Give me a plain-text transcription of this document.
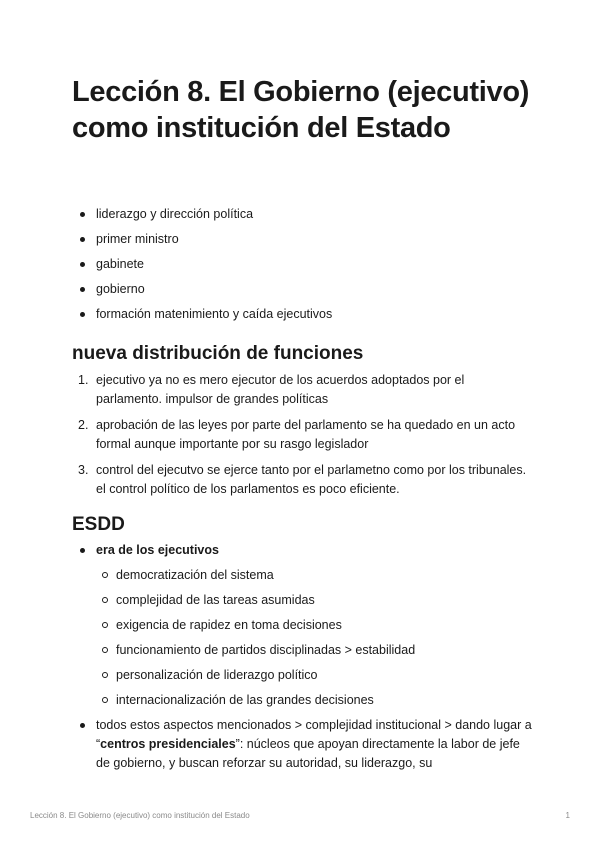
Lección 8. El Gobierno (ejecutivo) como institución del Estado
liderazgo y dirección política
primer ministro
gabinete
gobierno
formación matenimiento y caída ejecutivos
nueva distribución de funciones
1. ejecutivo ya no es mero ejecutor de los acuerdos adoptados por el parlamento. impulsor de grandes políticas
2. aprobación de las leyes por parte del parlamento se ha quedado en un acto formal aunque importante por su rasgo legislador
3. control del ejecutvo se ejerce tanto por el parlametno como por los tribunales. el control político de los parlamentos es poco eficiente.
ESDD
era de los ejecutivos
democratización del sistema
complejidad de las tareas asumidas
exigencia de rapidez en toma decisiones
funcionamiento de partidos disciplinadas > estabilidad
personalización de liderazgo político
internacionalización de las grandes decisiones
todos estos aspectos mencionados > complejidad institucional > dando lugar a “centros presidenciales”: núcleos que apoyan directamente la labor de jefe de gobierno, y buscan reforzar su autoridad, su liderazgo, su
Lección 8. El Gobierno (ejecutivo) como institución del Estado	1
